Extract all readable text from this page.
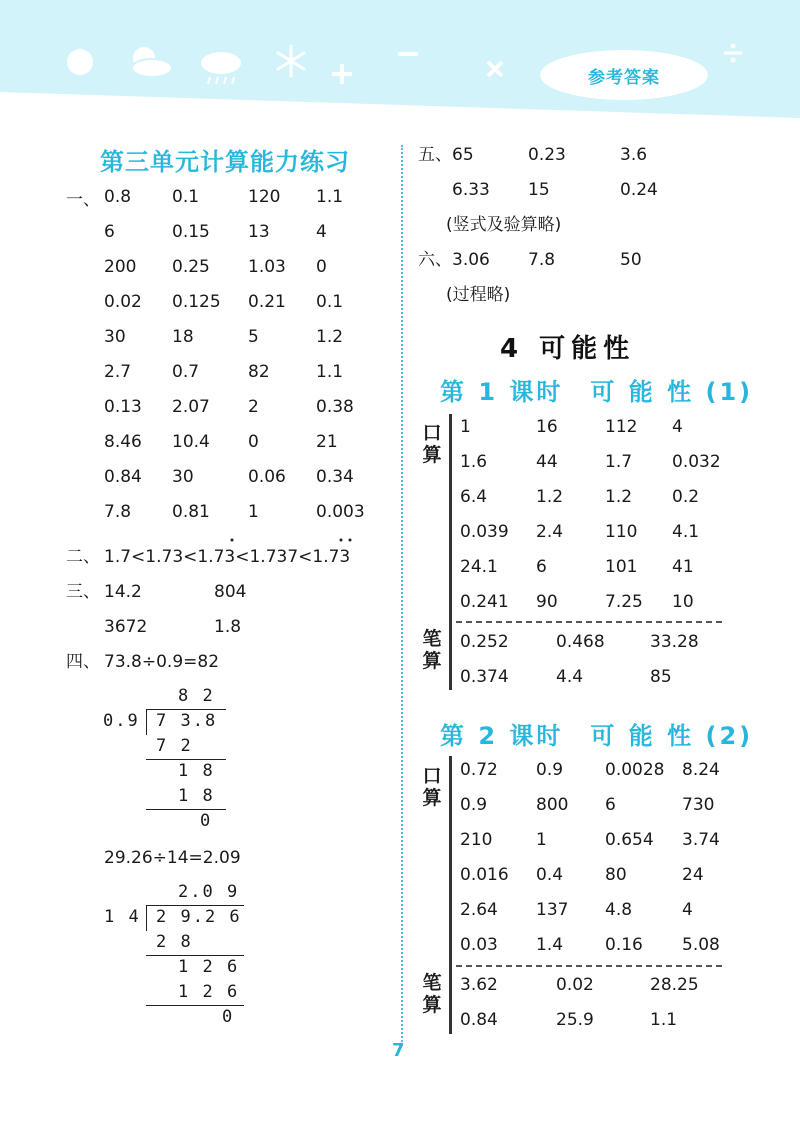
参考答案
第三单元计算能力练习
一、 0.8 0.1	120 1.1
6	0.15 13	4
200 0.25 1.03 0
0.02 0.125 0.21 0.1
30	18	5	1.2
2.7 0.7	82	1.1
0.13 2.07 2	0.38
8.46 10.4 0	21
0.84 30	0.06 0.34
7.8 0.81 1	0.003
二、 1.7<1.73<1.73<1.737<1.73
三、 14.2	804
3672	1.8
四、 73.8÷0.9=82
8 2
0.9 7 3.8
7 2
1 8
1 8
0
29.26÷14=2.09
2.0 9
1 4 2 9.2 6
2 8
1 2 6
1 2 6
0
五、 65	0.23	3.6
6.33 15	0.24
(竖式及验算略)
六、 3.06 7.8	50
(过程略)
4 可能性
第 1 课时　可 能 性 (1)
口
算
1	16	112 4
1.6	44	1.7 0.032
6.4	1.2 1.2 0.2
0.039 2.4 110 4.1
24.1 6	101 41
0.241 90	7.25 10
笔
算
0.252	0.468	33.28
0.374	4.4	85
第 2 课时　可 能 性 (2)
口
算
0.72 0.9 0.0028 8.24
0.9	800 6	730
210	1	0.654 3.74
0.016 0.4 80	24
2.64 137 4.8	4
0.03 1.4 0.16 5.08
笔
算
3.62	0.02	28.25
0.84	25.9	1.1
7
